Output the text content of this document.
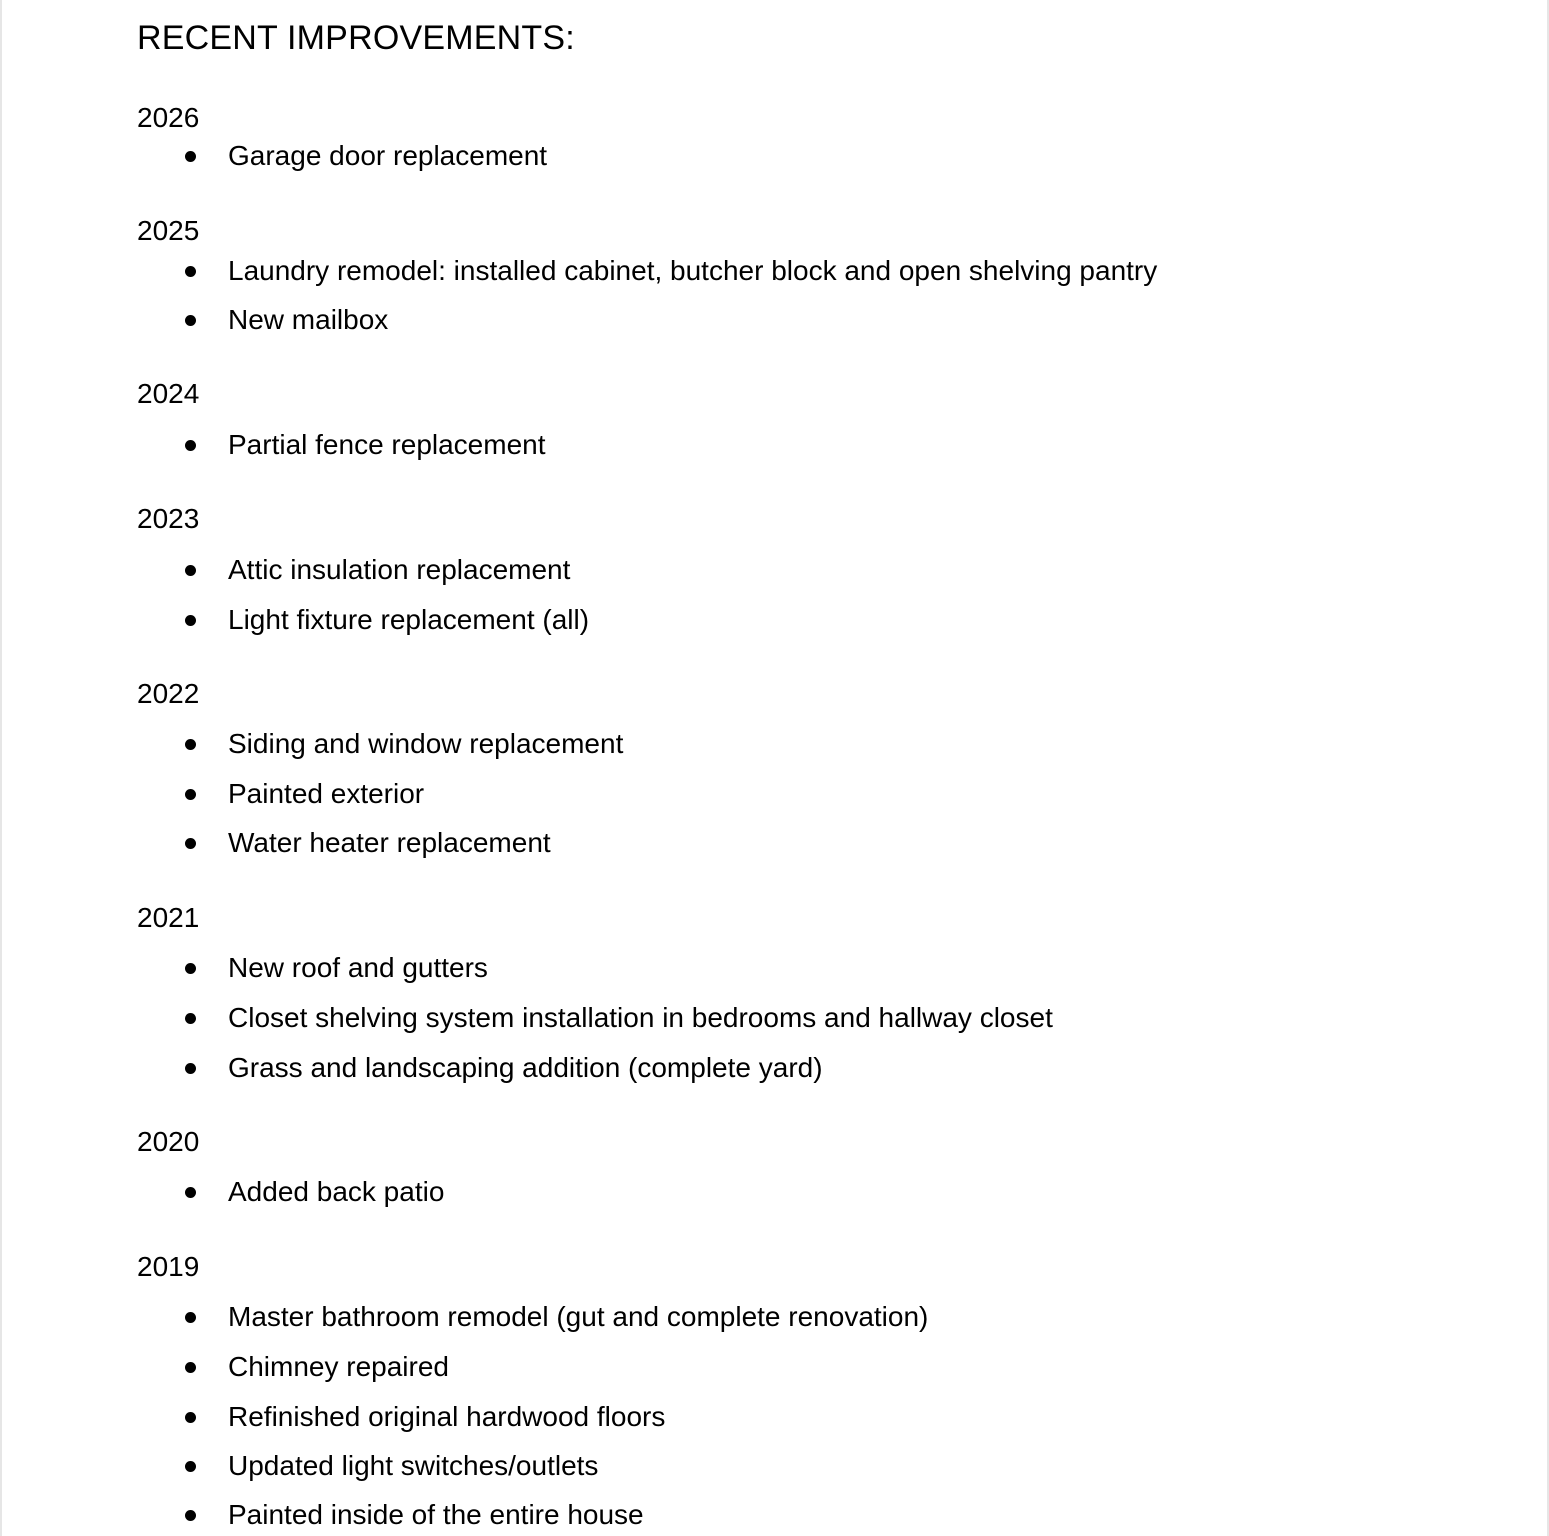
RECENT IMPROVEMENTS:
2026
Garage door replacement
2025
Laundry remodel: installed cabinet, butcher block and open shelving pantry
New mailbox
2024
Partial fence replacement
2023
Attic insulation replacement
Light fixture replacement (all)
2022
Siding and window replacement
Painted exterior
Water heater replacement
2021
New roof and gutters
Closet shelving system installation in bedrooms and hallway closet
Grass and landscaping addition (complete yard)
2020
Added back patio
2019
Master bathroom remodel (gut and complete renovation)
Chimney repaired
Refinished original hardwood floors
Updated light switches/outlets
Painted inside of the entire house
